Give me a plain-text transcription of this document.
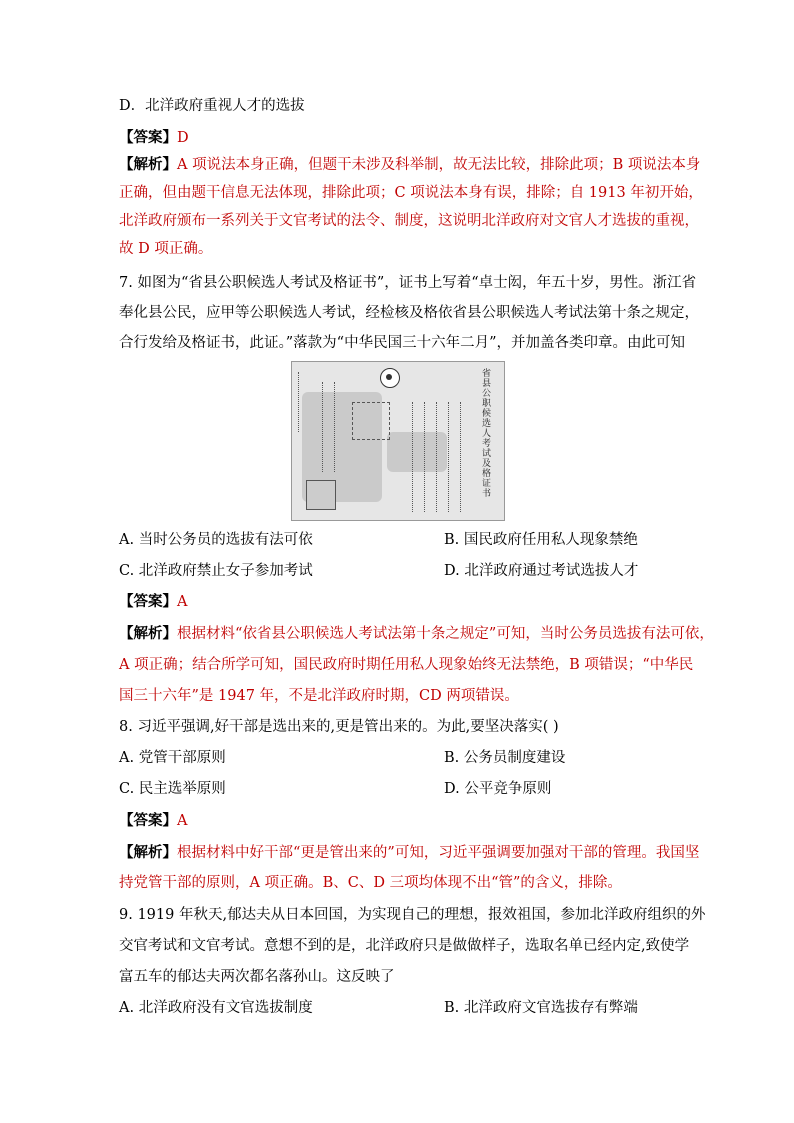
D．北洋政府重视人才的选拔
【答案】D
【解析】A 项说法本身正确，但题干未涉及科举制，故无法比较，排除此项；B 项说法本身
正确，但由题干信息无法体现，排除此项；C 项说法本身有误，排除；自 1913 年初开始，
北洋政府颁布一系列关于文官考试的法令、制度，这说明北洋政府对文官人才选拔的重视，
故 D 项正确。
7. 如图为“省县公职候选人考试及格证书”，证书上写着“卓士闳，年五十岁，男性。浙江省
奉化县公民，应甲等公职候选人考试，经检核及格依省县公职候选人考试法第十条之规定，
合行发给及格证书，此证。”落款为“中华民国三十六年二月”，并加盖各类印章。由此可知
省县公职候选人考试及格证书
A. 当时公务员的选拔有法可依	B. 国民政府任用私人现象禁绝
C. 北洋政府禁止女子参加考试	D. 北洋政府通过考试选拔人才
【答案】A
【解析】根据材料“依省县公职候选人考试法第十条之规定”可知，当时公务员选拔有法可依，
A 项正确；结合所学可知，国民政府时期任用私人现象始终无法禁绝，B 项错误；“中华民
国三十六年”是 1947 年，不是北洋政府时期，CD 两项错误。
8. 习近平强调,好干部是选出来的,更是管出来的。为此,要坚决落实( )
A. 党管干部原则	B. 公务员制度建设
C. 民主选举原则	D. 公平竞争原则
【答案】A
【解析】根据材料中好干部“更是管出来的”可知，习近平强调要加强对干部的管理。我国坚
持党管干部的原则，A 项正确。B、C、D 三项均体现不出“管”的含义，排除。
9. 1919 年秋天,郁达夫从日本回国，为实现自己的理想，报效祖国，参加北洋政府组织的外
交官考试和文官考试。意想不到的是，北洋政府只是做做样子，选取名单已经内定,致使学
富五车的郁达夫两次都名落孙山。这反映了
A. 北洋政府没有文官选拔制度	B. 北洋政府文官选拔存有弊端
